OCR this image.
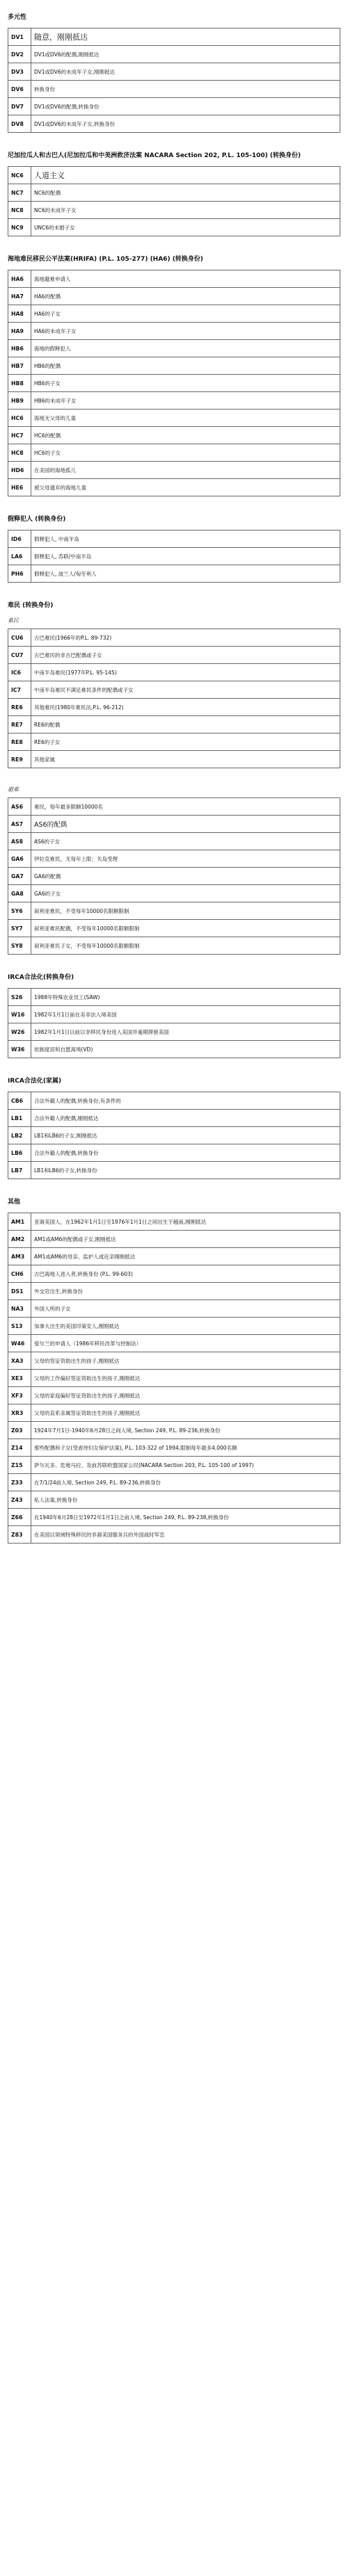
多元性
DV1	随意，刚刚抵达
DV2	DV1或DV6的配偶,刚刚抵达
DV3	DV1或DV6的未成年子女,刚刚抵达
DV6	转换身份
DV7	DV1或DV6的配偶,转换身份
DV8	DV1或DV6的未成年子女,转换身份
尼加拉瓜人和古巴人(尼加拉瓜和中美洲救济法案 NACARA Section 202, P.L. 105-100) (转换身份)
NC6	人道主义
NC7	NC6的配偶
NC8	NC6的未成年子女
NC9	UNC6的未婚子女
海地难民移民公平法案(HRIFA) (P.L. 105-277) (HA6) (转换身份)
HA6	海地避难申请人
HA7	HA6的配偶
HA8	HA6的子女
HA9	HA6的未成年子女
HB6	海地的假释犯人
HB7	HB6的配偶
HB8	HB6的子女
HB9	HB6的未成年子女
HC6	海地无父母的儿童
HC7	HC6的配偶
HC8	HC6的子女
HD6	在美国的海地孤儿
HE6	被父母遗弃的海地儿童
假释犯人 (转换身份)
ID6	假释犯人, 中南半岛
LA6	假释犯人, 苏联/中南半岛
PH6	假释犯人, 波兰人/匈牙利人
难民 (转换身份)
难民
CU6	古巴难民(1966年的P.L. 89-732)
CU7	古巴难民的非古巴配偶或子女
IC6	中南半岛难民(1977年P.L. 95-145)
IC7	中南半岛难民不满足难民条件的配偶或子女
RE6	其他难民(1980年难民法,P.L. 96-212)
RE7	RE6的配偶
RE8	RE6的子女
RE9	其他家属
避难
AS6	难民，每年最多限额10000名
AS7	AS6的配偶
AS8	AS6的子女
GA6	伊拉克难民，无每年上限；关岛受理
GA7	GA6的配偶
GA8	GA6的子女
SY6	叙利亚难民，不受每年10000名限额限制
SY7	叙利亚难民配偶，不受每年10000名限额限制
SY8	叙利亚难民子女，不受每年10000名限额限制
IRCA合法化(转换身份)
S26	1988年特殊农业员工(SAW)
W16	1982年1月1日前在美非法入境美国
W26	1982年1月1日以前以非移民身份进入美国并逾期滞留美国
W36	依制度居和自愿离境(VD)
IRCA合法化(家属)
CB6	合法外籍人的配偶,转换身份,有条件的
LB1	合法外籍人的配偶,刚刚抵达
LB2	LB1和LB6的子女,刚刚抵达
LB6	合法外籍人的配偶,转换身份
LB7	LB1和LB6的子女,转换身份
其他
AM1	亚裔美国人，在1962年1月1日至1976年1月1日之间出生于越南,刚刚抵达
AM2	AM1或AM6的配偶或子女,刚刚抵达
AM3	AM1或AM6的母亲、监护人或近亲刚刚抵达
CH6	古巴海地人进入者,转换身份 (P.L. 99-603)
DS1	外交官出生,转换身份
NA3	外国人所的子女
S13	加拿大出生的美国印第安人,刚刚抵达
W46	爱尔兰的申请人（1986年移民改革与控制法）
XA3	父母的签证资助出生的孩子,刚刚抵达
XE3	父母的工作偏好签证资助出生的孩子,刚刚抵达
XF3	父母的家庭偏好签证资助出生的孩子,刚刚抵达
XR3	父母的直系亲属签证资助出生的孩子,刚刚抵达
Z03	1924年7月1日-1940年6月28日之间入境, Section 249, P.L. 89-236,转换身份
Z14	那些配偶和子女(受虐待妇女保护法案), P.L. 103-322 of 1994,限制每年最多4,000名额
Z15	萨尔瓦多、危地马拉、及前苏联欧盟国家公民(NACARA Section 203, P.L. 105-100 of 1997)
Z33	在7/1/24前入境, Section 249, P.L. 89-236,转换身份
Z43	私人法案,转换身份
Z66	在1940年6月28日至1972年1月1日之前入境, Section 249, P.L. 89-238,转换身份
Z83	在美国以领域特殊移民的非裔美国服务兵的外国战时军恋
